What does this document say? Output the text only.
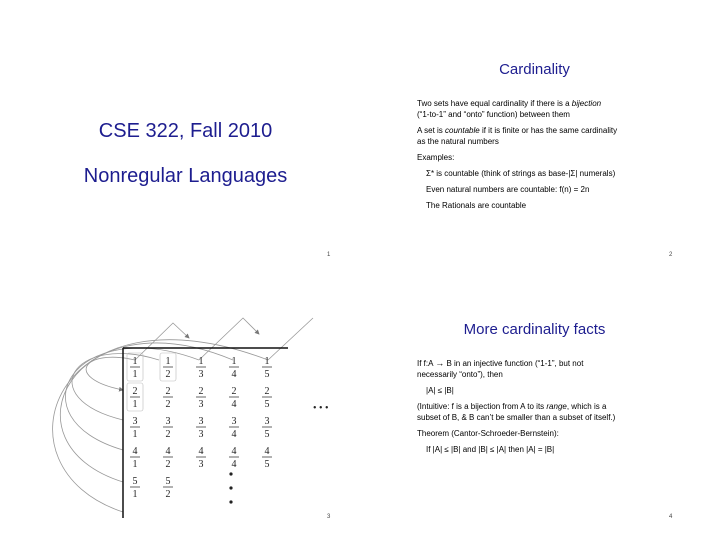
CSE 322, Fall 2010
Nonregular Languages
1
Cardinality

Two sets have equal cardinality if there is a bijection
(“1-to-1” and “onto” function) between them

A set is countable if it is finite or has the same cardinality
as the natural numbers

Examples:

Σ* is countable (think of strings as base-|Σ| numerals)

Even natural numbers are countable: f(n) = 2n

The Rationals are countable

2
1
1
1
2
1
3
1
4
1
5
2
1
2
2
2
3
2
4
2
5
3
1
3
2
3
3
3
4
3
5
4
1
4
2
4
3
4
4
4
5
5
1
5
2
• • •
3
More cardinality facts

If f:A → B in an injective function (“1-1”, but not
necessarily “onto”), then

|A| ≤ |B|

(Intuitive: f is a bijection from A to its range, which is a
subset of B, & B can’t be smaller than a subset of itself.)

Theorem (Cantor-Schroeder-Bernstein):

If |A| ≤ |B| and |B| ≤ |A| then |A| = |B|

4
